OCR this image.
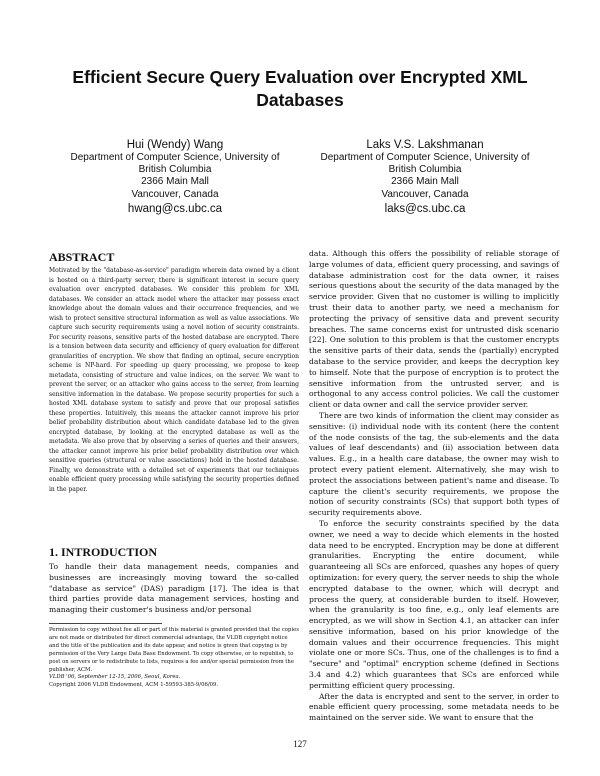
Efficient Secure Query Evaluation over Encrypted XML Databases
Hui (Wendy) Wang
Department of Computer Science, University of British Columbia
2366 Main Mall
Vancouver, Canada
hwang@cs.ubc.ca
Laks V.S. Lakshmanan
Department of Computer Science, University of British Columbia
2366 Main Mall
Vancouver, Canada
laks@cs.ubc.ca
ABSTRACT
Motivated by the "database-as-service" paradigm wherein data owned by a client is hosted on a third-party server, there is significant interest in secure query evaluation over encrypted databases. We consider this problem for XML databases. We consider an attack model where the attacker may possess exact knowledge about the domain values and their occurrence frequencies, and we wish to protect sensitive structural information as well as value associations. We capture such security requirements using a novel notion of security constraints. For security reasons, sensitive parts of the hosted database are encrypted. There is a tension between data security and efficiency of query evaluation for different granularities of encryption. We show that finding an optimal, secure encryption scheme is NP-hard. For speeding up query processing, we propose to keep metadata, consisting of structure and value indices, on the server. We want to prevent the server, or an attacker who gains access to the server, from learning sensitive information in the database. We propose security properties for such a hosted XML database system to satisfy and prove that our proposal satisfies these properties. Intuitively, this means the attacker cannot improve his prior belief probability distribution about which candidate database led to the given encrypted database, by looking at the encrypted database as well as the metadata. We also prove that by observing a series of queries and their answers, the attacker cannot improve his prior belief probability distribution over which sensitive queries (structural or value associations) hold in the hosted database. Finally, we demonstrate with a detailed set of experiments that our techniques enable efficient query processing while satisfying the security properties defined in the paper.
1. INTRODUCTION
To handle their data management needs, companies and businesses are increasingly moving toward the so-called "database as service" (DAS) paradigm [17]. The idea is that third parties provide data management services, hosting and managing their customer's business and/or personal

Permission to copy without fee all or part of this material is granted provided that the copies are not made or distributed for direct commercial advantage, the VLDB copyright notice and the title of the publication and its date appear, and notice is given that copying is by permission of the Very Large Data Base Endowment. To copy otherwise, or to republish, to post on servers or to redistribute to lists, requires a fee and/or special permission from the publisher, ACM.

VLDB '06, September 12-15, 2006, Seoul, Korea.

Copyright 2006 VLDB Endowment, ACM 1-59593-385-9/06/09.

data. Although this offers the possibility of reliable storage of large volumes of data, efficient query processing, and savings of database administration cost for the data owner, it raises serious questions about the security of the data managed by the service provider. Given that no customer is willing to implicitly trust their data to another party, we need a mechanism for protecting the privacy of sensitive data and prevent security breaches. The same concerns exist for untrusted disk scenario [22]. One solution to this problem is that the customer encrypts the sensitive parts of their data, sends the (partially) encrypted database to the service provider, and keeps the decryption key to himself. Note that the purpose of encryption is to protect the sensitive information from the untrusted server, and is orthogonal to any access control policies. We call the customer client or data owner and call the service provider server.

There are two kinds of information the client may consider as sensitive: (i) individual node with its content (here the content of the node consists of the tag, the sub-elements and the data values of leaf descendants) and (ii) association between data values. E.g., in a health care database, the owner may wish to protect every patient element. Alternatively, she may wish to protect the associations between patient's name and disease. To capture the client's security requirements, we propose the notion of security constraints (SCs) that support both types of security requirements above.

To enforce the security constraints specified by the data owner, we need a way to decide which elements in the hosted data need to be encrypted. Encryption may be done at different granularities. Encrypting the entire document, while guaranteeing all SCs are enforced, quashes any hopes of query optimization: for every query, the server needs to ship the whole encrypted database to the owner, which will decrypt and process the query, at considerable burden to itself. However, when the granularity is too fine, e.g., only leaf elements are encrypted, as we will show in Section 4.1, an attacker can infer sensitive information, based on his prior knowledge of the domain values and their occurrence frequencies. This might violate one or more SCs. Thus, one of the challenges is to find a "secure" and "optimal" encryption scheme (defined in Sections 3.4 and 4.2) which guarantees that SCs are enforced while permitting efficient query processing.

After the data is encrypted and sent to the server, in order to enable efficient query processing, some metadata needs to be maintained on the server side. We want to ensure that the

127
